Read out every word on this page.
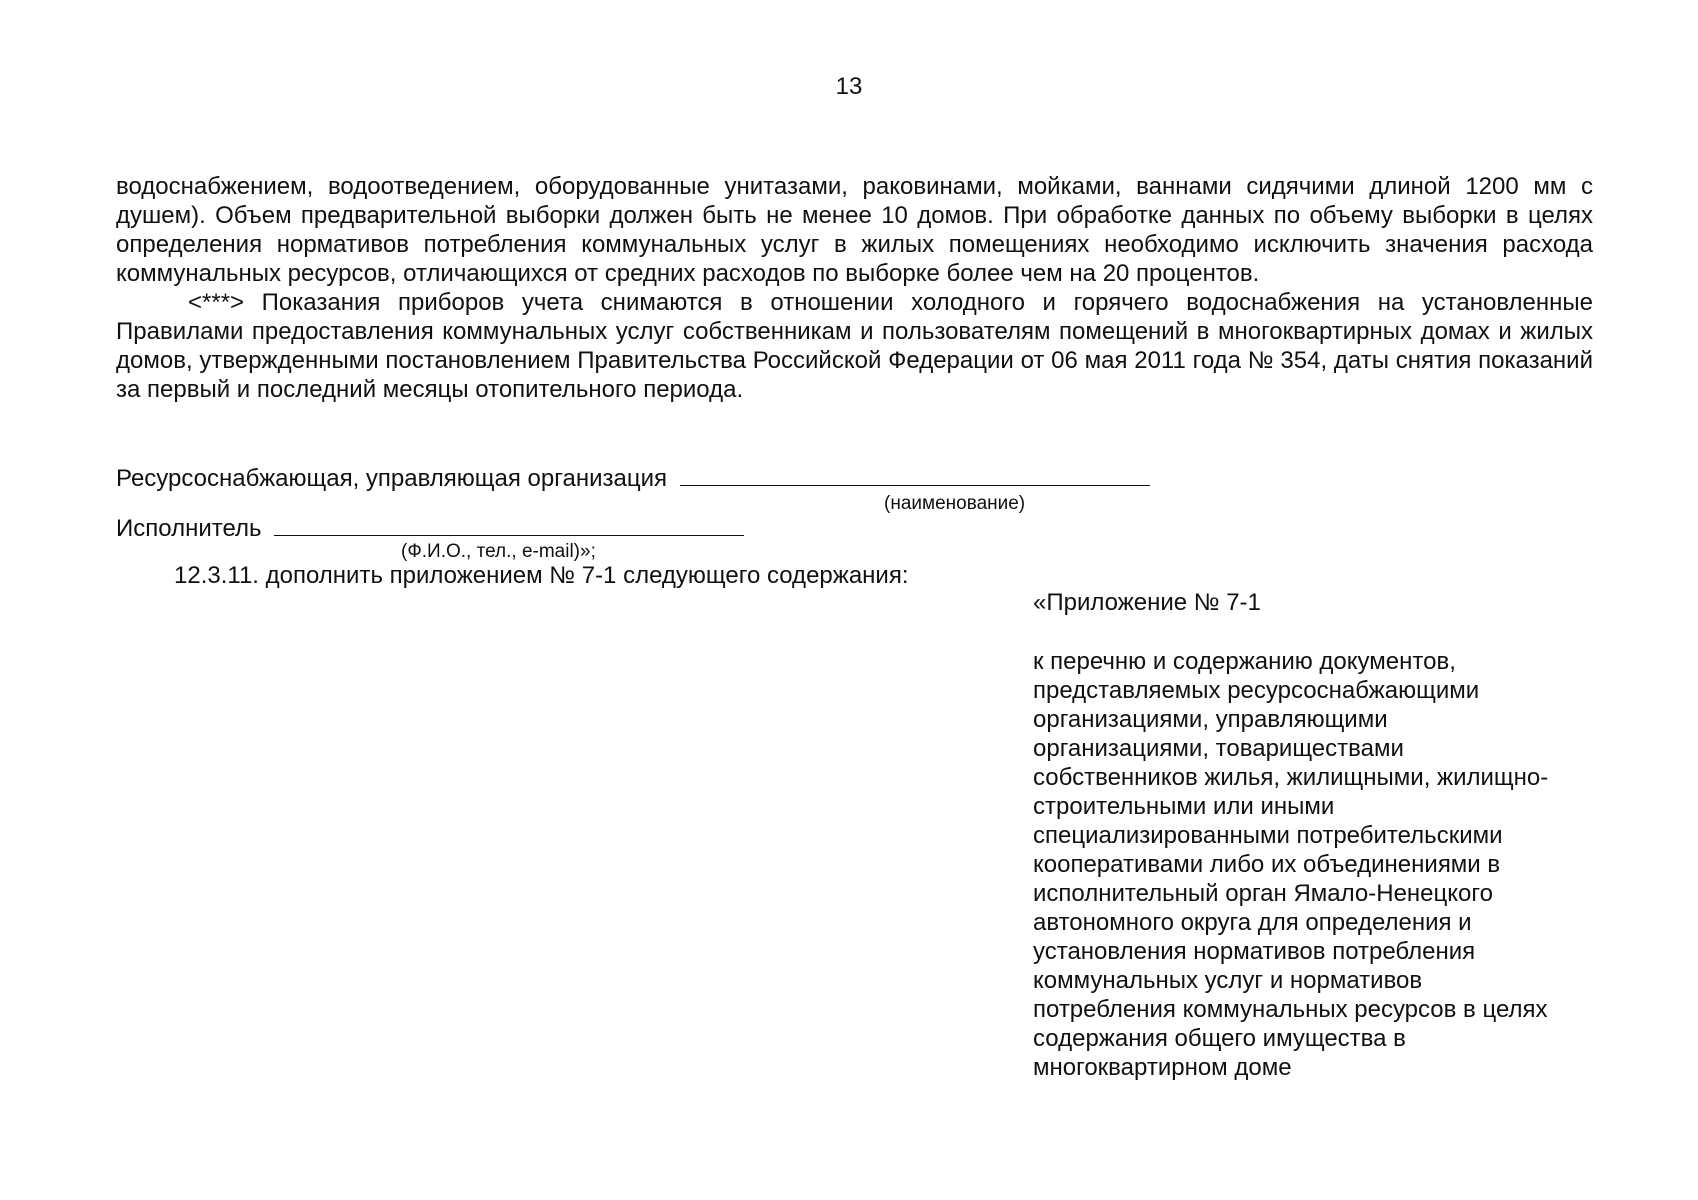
13

водоснабжением, водоотведением, оборудованные унитазами, раковинами, мойками, ваннами сидячими длиной 1200 мм с душем). Объем предварительной выборки должен быть не менее 10 домов. При обработке данных по объему выборки в целях определения нормативов потребления коммунальных услуг в жилых помещениях необходимо исключить значения расхода коммунальных ресурсов, отличающихся от средних расходов по выборке более чем на 20 процентов.

<***> Показания приборов учета снимаются в отношении холодного и горячего водоснабжения на установленные Правилами предоставления коммунальных услуг собственникам и пользователям помещений в многоквартирных домах и жилых домов, утвержденными постановлением Правительства Российской Федерации от 06 мая 2011 года № 354, даты снятия показаний за первый и последний месяцы отопительного периода.

Ресурсоснабжающая, управляющая организация
(наименование)
Исполнитель
(Ф.И.О., тел., e-mail)»;
12.3.11. дополнить приложением № 7-1 следующего содержания:

«Приложение № 7-1

к перечню и содержанию документов, представляемых ресурсоснабжающими организациями, управляющими организациями, товариществами собственников жилья, жилищными, жилищно-строительными или иными специализированными потребительскими кооперативами либо их объединениями в исполнительный орган Ямало-Ненецкого автономного округа для определения и установления нормативов потребления коммунальных услуг и нормативов потребления коммунальных ресурсов в целях содержания общего имущества в многоквартирном доме
